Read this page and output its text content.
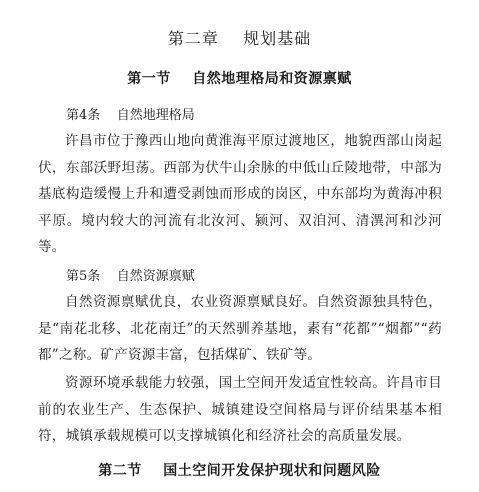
第二章    规划基础
第一节    自然地理格局和资源禀赋
第4条    自然地理格局

许昌市位于豫西山地向黄淮海平原过渡地区，地貌西部山岗起伏，东部沃野坦荡。西部为伏牛山余脉的中低山丘陵地带，中部为基底构造缓慢上升和遭受剥蚀而形成的岗区，中东部均为黄海冲积平原。境内较大的河流有北汝河、颍河、双洎河、清潩河和沙河等。

第5条    自然资源禀赋

自然资源禀赋优良，农业资源禀赋良好。自然资源独具特色，是“南花北移、北花南迁”的天然驯养基地，素有“花都”“烟都”“药都”之称。矿产资源丰富，包括煤矿、铁矿等。

资源环境承载能力较强，国土空间开发适宜性较高。许昌市目前的农业生产、生态保护、城镇建设空间格局与评价结果基本相符，城镇承载规模可以支撑城镇化和经济社会的高质量发展。

第二节    国土空间开发保护现状和问题风险
